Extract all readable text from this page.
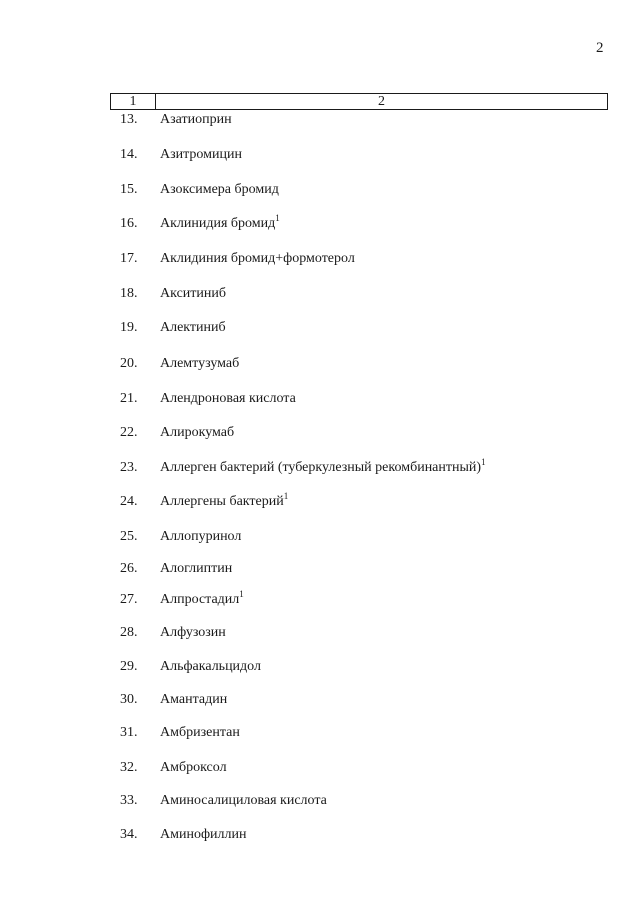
2
1	2
13. Азатиоприн
14. Азитромицин
15. Азоксимера бромид
16. Аклинидия бромид$^1$
17. Аклидиния бромид+формотерол
18. Акситиниб
19. Алектиниб
20. Алемтузумаб
21. Алендроновая кислота
22. Алирокумаб
23. Аллерген бактерий (туберкулезный рекомбинантный)$^1$
24. Аллергены бактерий$^1$
25. Аллопуринол
26. Алоглиптин
27. Алпростадил$^1$
28. Алфузозин
29. Альфакальцидол
30. Амантадин
31. Амбризентан
32. Амброксол
33. Аминосалициловая кислота
34. Аминофиллин
